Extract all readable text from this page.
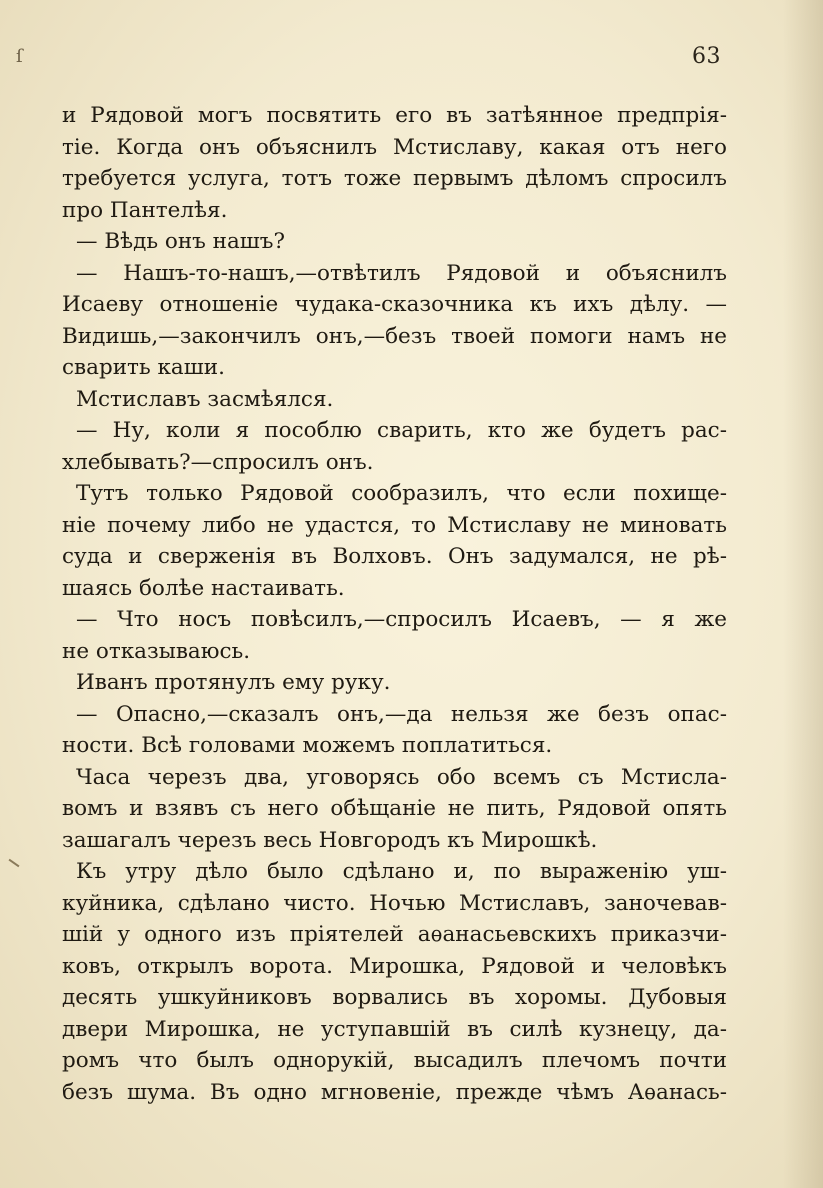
ſ	63
и Рядовой могъ посвятить его въ затѣянное предпрія-
тіе. Когда онъ объяснилъ Мстиславу, какая отъ него
требуется услуга, тотъ тоже первымъ дѣломъ спросилъ
про Пантелѣя.
— Вѣдь онъ нашъ?
— Нашъ-то-нашъ,—отвѣтилъ Рядовой и объяснилъ
Исаеву отношеніе чудака-сказочника къ ихъ дѣлу. —
Видишь,—закончилъ онъ,—безъ твоей помоги намъ не
сварить каши.
Мстиславъ засмѣялся.
— Ну, коли я пособлю сварить, кто же будетъ рас-
хлебывать?—спросилъ онъ.
Тутъ только Рядовой сообразилъ, что если похище-
ніе почему либо не удастся, то Мстиславу не миновать
суда и сверженія въ Волховъ. Онъ задумался, не рѣ-
шаясь болѣе настаивать.
— Что носъ повѣсилъ,—спросилъ Исаевъ, — я же
не отказываюсь.
Иванъ протянулъ ему руку.
— Опасно,—сказалъ онъ,—да нельзя же безъ опас-
ности. Всѣ головами можемъ поплатиться.
Часа черезъ два, уговорясь обо всемъ съ Мстисла-
вомъ и взявъ съ него обѣщаніе не пить, Рядовой опять
зашагалъ черезъ весь Новгородъ къ Мирошкѣ.
Къ утру дѣло было сдѣлано и, по выраженію уш-
куйника, сдѣлано чисто. Ночью Мстиславъ, заночевав-
шій у одного изъ пріятелей аѳанасьевскихъ приказчи-
ковъ, открылъ ворота. Мирошка, Рядовой и человѣкъ
десять ушкуйниковъ ворвались въ хоромы. Дубовыя
двери Мирошка, не уступавшій въ силѣ кузнецу, да-
ромъ что былъ однорукій, высадилъ плечомъ почти
безъ шума. Въ одно мгновеніе, прежде чѣмъ Аѳанась-
